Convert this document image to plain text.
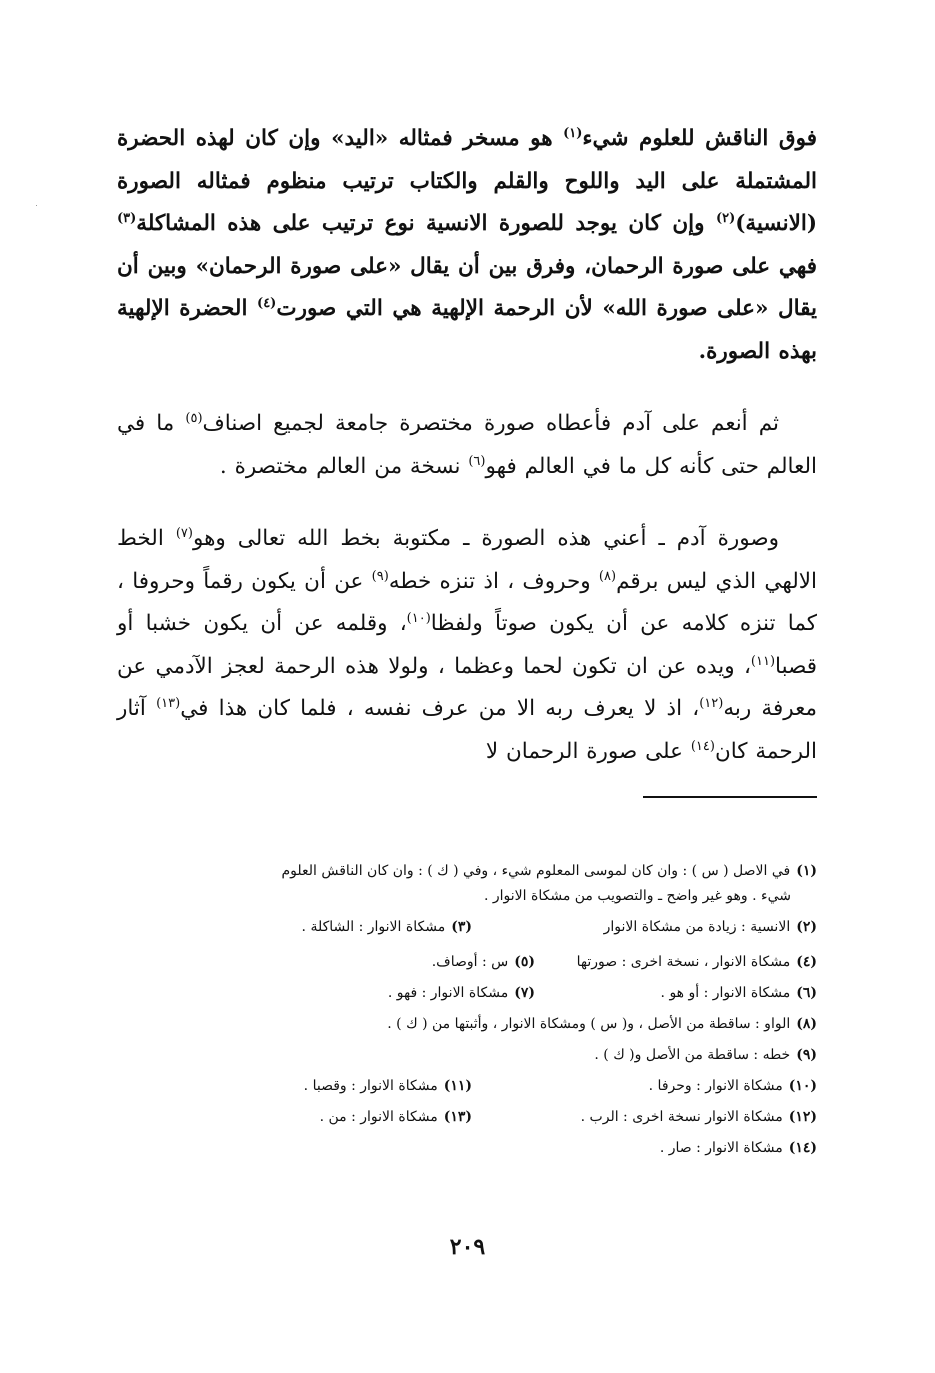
فوق الناقش للعلوم شيء$^{(١)}$ هو مسخر فمثاله «اليد» وإن كان لهذه الحضرة المشتملة على اليد واللوح والقلم والكتاب ترتيب منظوم فمثاله الصورة (الانسية)$^{(٢)}$ وإن كان يوجد للصورة الانسية نوع ترتيب على هذه المشاكلة$^{(٣)}$ فهي على صورة الرحمان، وفرق بين أن يقال «على صورة الرحمان» وبين أن يقال «على صورة الله» لأن الرحمة الإلهية هي التي صورت$^{(٤)}$ الحضرة الإلهية بهذه الصورة.

ثم أنعم على آدم فأعطاه صورة مختصرة جامعة لجميع اصناف$^{(٥)}$ ما في العالم حتى كأنه كل ما في العالم فهو$^{(٦)}$ نسخة من العالم مختصرة .

وصورة آدم ـ أعني هذه الصورة ـ مكتوبة بخط الله تعالى وهو$^{(٧)}$ الخط الالهي الذي ليس برقم$^{(٨)}$ وحروف ، اذ تنزه خطه$^{(٩)}$ عن أن يكون رقماً وحروفا ، كما تنزه كلامه عن أن يكون صوتاً ولفظا$^{(١٠)}$، وقلمه عن أن يكون خشبا أو قصبا$^{(١١)}$، ويده عن ان تكون لحما وعظما ، ولولا هذه الرحمة لعجز الآدمي عن معرفة ربه$^{(١٢)}$، اذ لا يعرف ربه الا من عرف نفسه ، فلما كان هذا في$^{(١٣)}$ آثار الرحمة كان$^{(١٤)}$ على صورة الرحمان لا

(١)في الاصل ( س ) : وان كان لموسى المعلوم شيء ، وفي ( ك ) : وان كان الناقش العلوم

شيء . وهو غير واضح ـ والتصويب من مشكاة الانوار .

(٢)الانسية : زيادة من مشكاة الانوار

(٣)مشكاة الانوار : الشاكلة .

(٤)مشكاة الانوار ، نسخة اخرى : صورتها

(٥)س : أوصاف.

(٦)مشكاة الانوار : أو هو .

(٧)مشكاة الانوار : فهو .

(٨)الواو : ساقطة من الأصل ، و( س ) ومشكاة الانوار ، وأثبتها من ( ك ) .

(٩)خطه : ساقطة من الأصل و( ك ) .

(١٠)مشكاة الانوار : وحرفا .

(١١)مشكاة الانوار : وقصبا .

(١٢)مشكاة الانوار نسخة اخرى : الرب .

(١٣)مشكاة الانوار : من .

(١٤)مشكاة الانوار : صار .

٢٠٩
